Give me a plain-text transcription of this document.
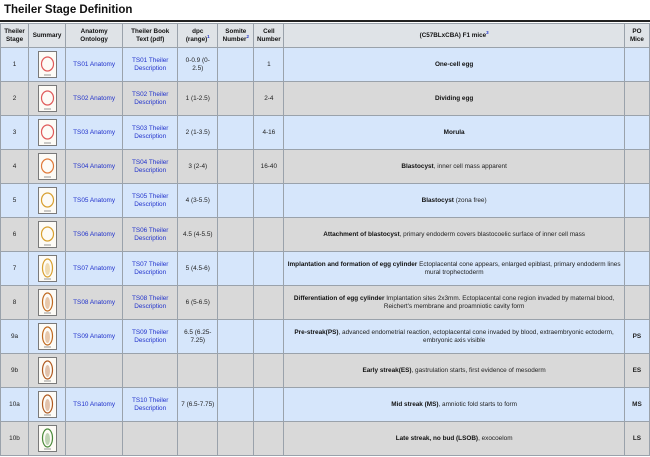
Theiler Stage Definition
Theiler Stage	Summary	Anatomy Ontology	Theiler Book Text (pdf)	dpc (range)$^1$	Somite Number$^2$	Cell Number	(C57BLxCBA) F1 mice$^3$	PO Mice
1		TS01 Anatomy	TS01 Theiler Description	0-0.9 (0-2.5)		1	One-cell egg	
2		TS02 Anatomy	TS02 Theiler Description	1 (1-2.5)		2-4	Dividing egg	
3		TS03 Anatomy	TS03 Theiler Description	2 (1-3.5)		4-16	Morula	
4		TS04 Anatomy	TS04 Theiler Description	3 (2-4)		16-40	Blastocyst, inner cell mass apparent	
5		TS05 Anatomy	TS05 Theiler Description	4 (3-5.5)			Blastocyst (zona free)	
6		TS06 Anatomy	TS06 Theiler Description	4.5 (4-5.5)			Attachment of blastocyst, primary endoderm covers blastocoelic surface of inner cell mass	
7		TS07 Anatomy	TS07 Theiler Description	5 (4.5-6)			Implantation and formation of egg cylinder Ectoplacental cone appears, enlarged epiblast, primary endoderm lines mural trophectoderm	
8		TS08 Anatomy	TS08 Theiler Description	6 (5-6.5)			Differentiation of egg cylinder Implantation sites 2x3mm. Ectoplacental cone region invaded by maternal blood, Reichert's membrane and proamniotic cavity form	
9a		TS09 Anatomy	TS09 Theiler Description	6.5 (6.25-7.25)			Pre-streak(PS), advanced endometrial reaction, ectoplacental cone invaded by blood, extraembryonic ectoderm, embryonic axis visible	PS
9b							Early streak(ES), gastrulation starts, first evidence of mesoderm	ES
10a		TS10 Anatomy	TS10 Theiler Description	7 (6.5-7.75)			Mid streak (MS), amniotic fold starts to form	MS
10b							Late streak, no bud (LSOB), exocoelom	LS
